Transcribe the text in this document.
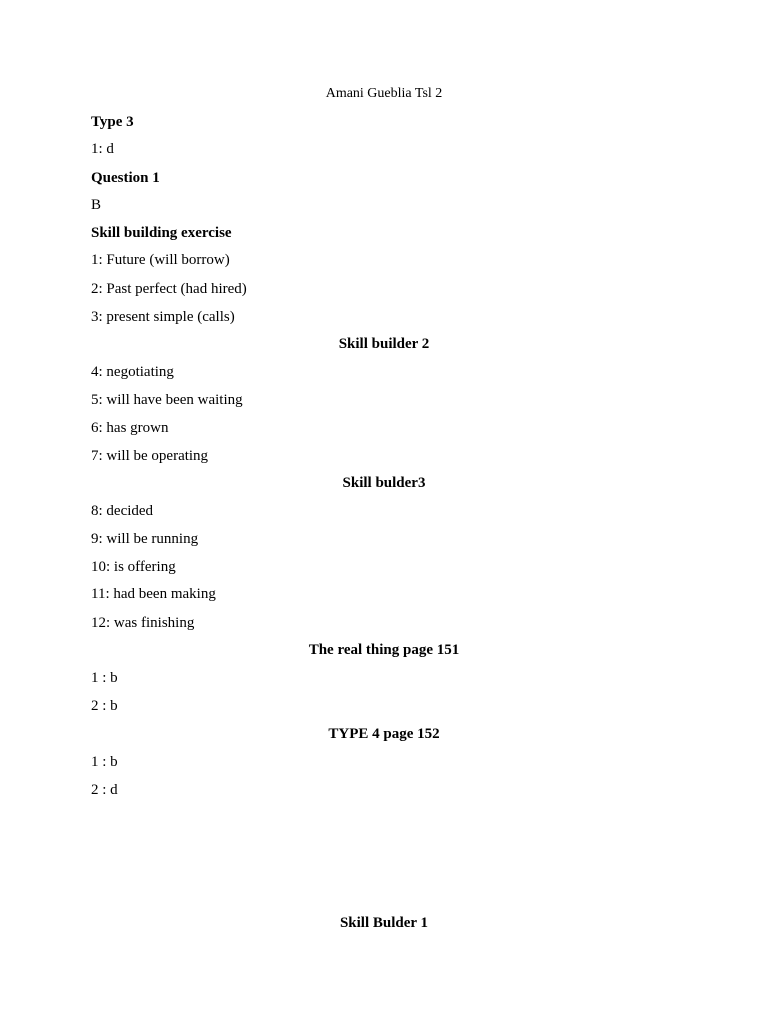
Amani Gueblia Tsl 2
Type 3
1: d
Question 1
B
Skill building exercise
1: Future (will borrow)
2: Past perfect (had hired)
3: present simple (calls)
Skill builder 2
4: negotiating
5: will have been waiting
6: has grown
7: will be operating
Skill bulder3
8: decided
9: will be running
10: is offering
11: had been making
12: was finishing
The real thing page 151
1 : b
2 : b
TYPE 4 page 152
1 : b
2 : d
Skill Bulder 1
